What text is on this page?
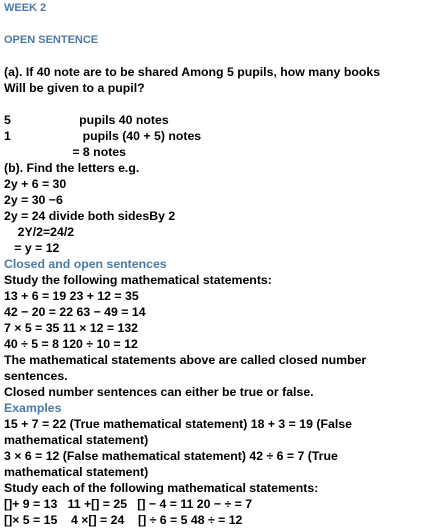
WEEK 2
OPEN SENTENCE
(a). If 40 note are to be shared Among 5 pupils, how many books
Will be given to a pupil?
5                    pupils 40 notes
1                     pupils (40 + 5) notes
= 8 notes
(b). Find the letters e.g.
2y + 6 = 30
2y = 30 −6
2y = 24 divide both sidesBy 2
2Y/2=24/2
= y = 12
Closed and open sentences
Study the following mathematical statements:
13 + 6 = 19 23 + 12 = 35
42 − 20 = 22 63 − 49 = 14
7 × 5 = 35 11 × 12 = 132
40 ÷ 5 = 8 120 ÷ 10 = 12
The mathematical statements above are called closed number
sentences.
Closed number sentences can either be true or false.
Examples
15 + 7 = 22 (True mathematical statement) 18 + 3 = 19 (False
mathematical statement)
3 × 6 = 12 (False mathematical statement) 42 ÷ 6 = 7 (True
mathematical statement)
Study each of the following mathematical statements:
[]+ 9 = 13   11 +[] = 25   [] − 4 = 11 20 − ÷ = 7
[]× 5 = 15    4 ×[] = 24    [] ÷ 6 = 5 48 ÷ = 12
